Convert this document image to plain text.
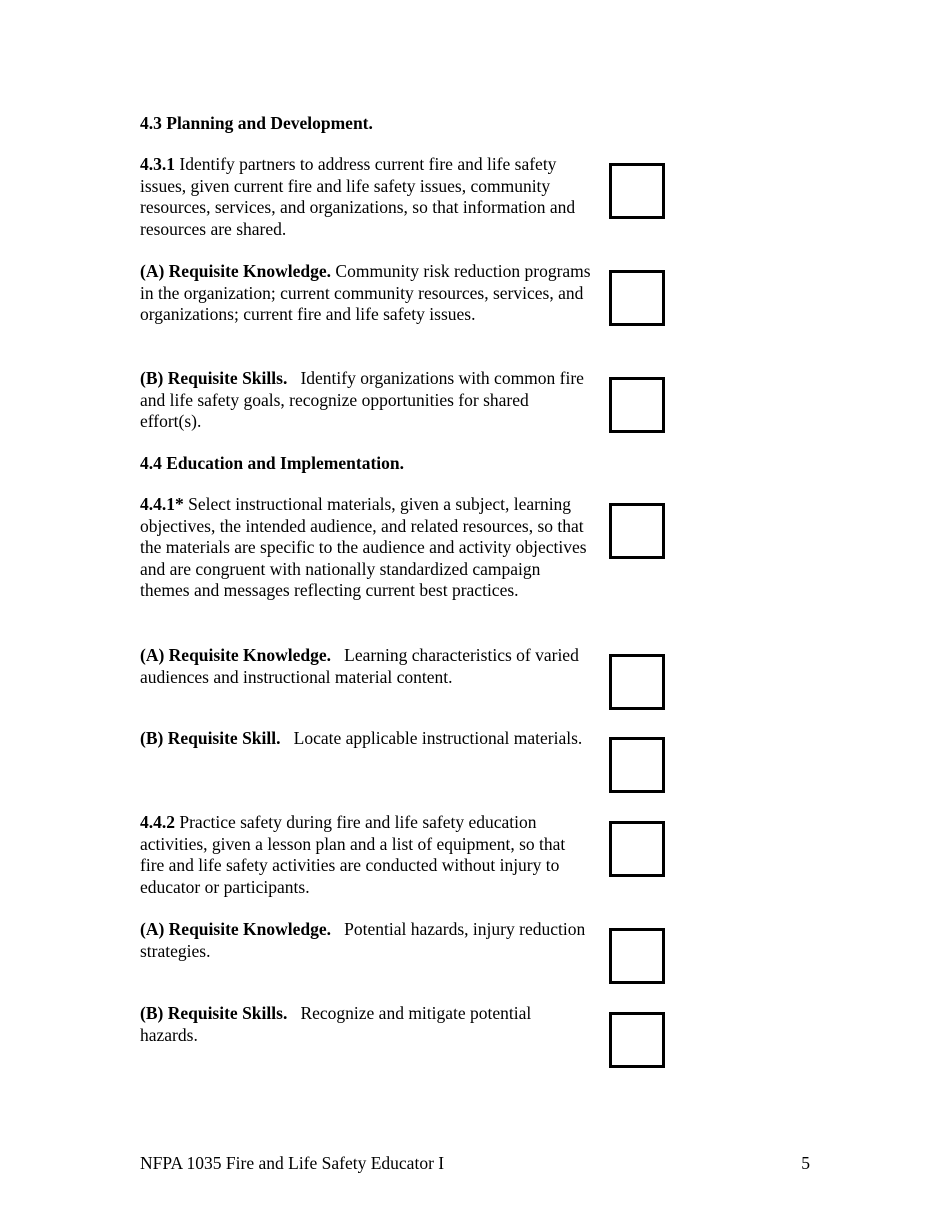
4.3 Planning and Development.

4.3.1 Identify partners to address current fire and life safety issues, given current fire and life safety issues, community resources, services, and organizations, so that information and resources are shared.

(A) Requisite Knowledge. Community risk reduction programs in the organization; current community resources, services, and organizations; current fire and life safety issues.

(B) Requisite Skills.   Identify organizations with common fire and life safety goals, recognize opportunities for shared effort(s).

4.4 Education and Implementation.

4.4.1* Select instructional materials, given a subject, learning objectives, the intended audience, and related resources, so that the materials are specific to the audience and activity objectives and are congruent with nationally standardized campaign themes and messages reflecting current best practices.

(A) Requisite Knowledge.   Learning characteristics of varied audiences and instructional material content.

(B) Requisite Skill.   Locate applicable instructional materials.

4.4.2 Practice safety during fire and life safety education activities, given a lesson plan and a list of equipment, so that fire and life safety activities are conducted without injury to educator or participants.

(A) Requisite Knowledge.   Potential hazards, injury reduction strategies.

(B) Requisite Skills.   Recognize and mitigate potential hazards.

NFPA 1035 Fire and Life Safety Educator I	5
